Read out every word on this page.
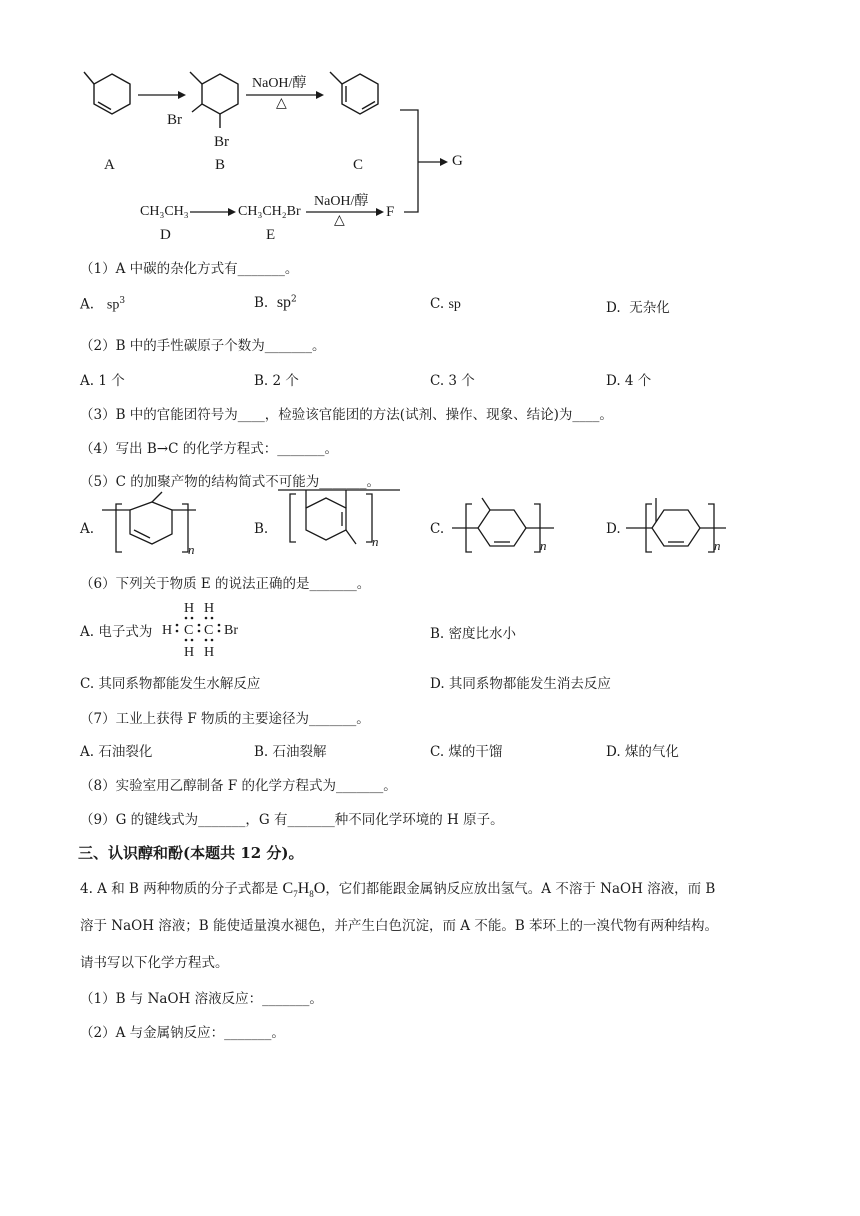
A
Br
Br
B
NaOH/醇
△
C
CH₃CH₃
D
CH₃CH₂Br
E
NaOH/醇
△
F
G
（1）A 中碳的杂化方式有_______。
A. $sp^3$	B. $sp^2$	C. sp	D. 无杂化
（2）B 中的手性碳原子个数为_______。
A. 1 个	B. 2 个	C. 3 个	D. 4 个
（3）B 中的官能团符号为____，检验该官能团的方法(试剂、操作、现象、结论)为____。
（4）写出 B→C 的化学方程式：_______。
（5）C 的加聚产物的结构简式不可能为_______。
A.
n
B.
n
C.
n
D.
n
（6）下列关于物质 E 的说法正确的是_______。
A. 电子式为
H H
H C C Br
H H
B. 密度比水小
C. 其同系物都能发生水解反应	D. 其同系物都能发生消去反应
（7）工业上获得 F 物质的主要途径为_______。
A. 石油裂化	B. 石油裂解	C. 煤的干馏	D. 煤的气化
（8）实验室用乙醇制备 F 的化学方程式为_______。
（9）G 的键线式为_______，G 有_______种不同化学环境的 H 原子。
三、认识醇和酚(本题共 12 分)。
4. A 和 B 两种物质的分子式都是 $C_7H_8O$，它们都能跟金属钠反应放出氢气。A 不溶于 NaOH 溶液，而 B
溶于 NaOH 溶液；B 能使适量溴水褪色，并产生白色沉淀，而 A 不能。B 苯环上的一溴代物有两种结构。
请书写以下化学方程式。
（1）B 与 NaOH 溶液反应：_______。
（2）A 与金属钠反应：_______。
